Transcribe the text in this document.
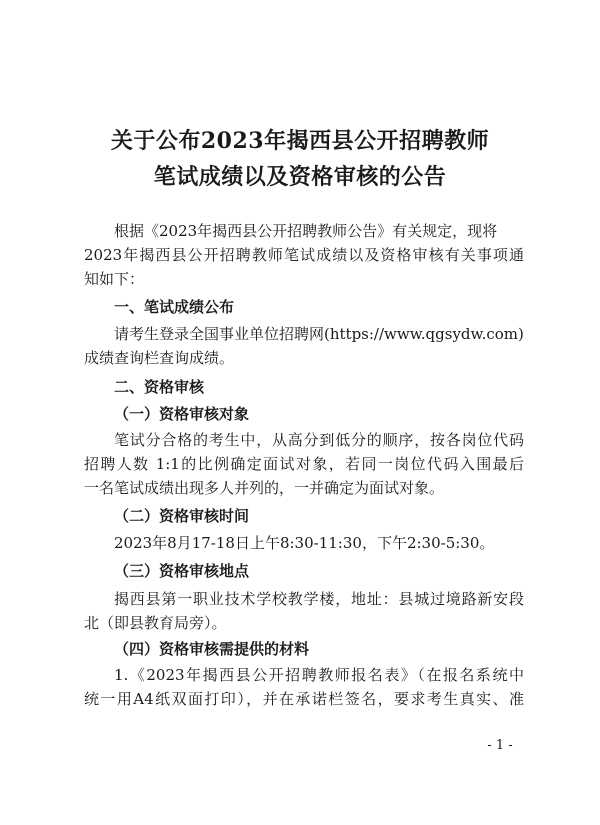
关于公布2023年揭西县公开招聘教师
笔试成绩以及资格审核的公告
根据《2023年揭西县公开招聘教师公告》有关规定，现将
2023年揭西县公开招聘教师笔试成绩以及资格审核有关事项通
知如下：
一、笔试成绩公布
请考生登录全国事业单位招聘网(https://www.qgsydw.com)
成绩查询栏查询成绩。
二、资格审核
（一）资格审核对象
笔试分合格的考生中，从高分到低分的顺序，按各岗位代码
招聘人数 1:1的比例确定面试对象，若同一岗位代码入围最后
一名笔试成绩出现多人并列的，一并确定为面试对象。
（二）资格审核时间
2023年8月17-18日上午8:30-11:30，下午2:30-5:30。
（三）资格审核地点
揭西县第一职业技术学校教学楼，地址：县城过境路新安段
北（即县教育局旁）。
（四）资格审核需提供的材料
1.《2023年揭西县公开招聘教师报名表》（在报名系统中
统一用A4纸双面打印），并在承诺栏签名，要求考生真实、准
- 1 -
